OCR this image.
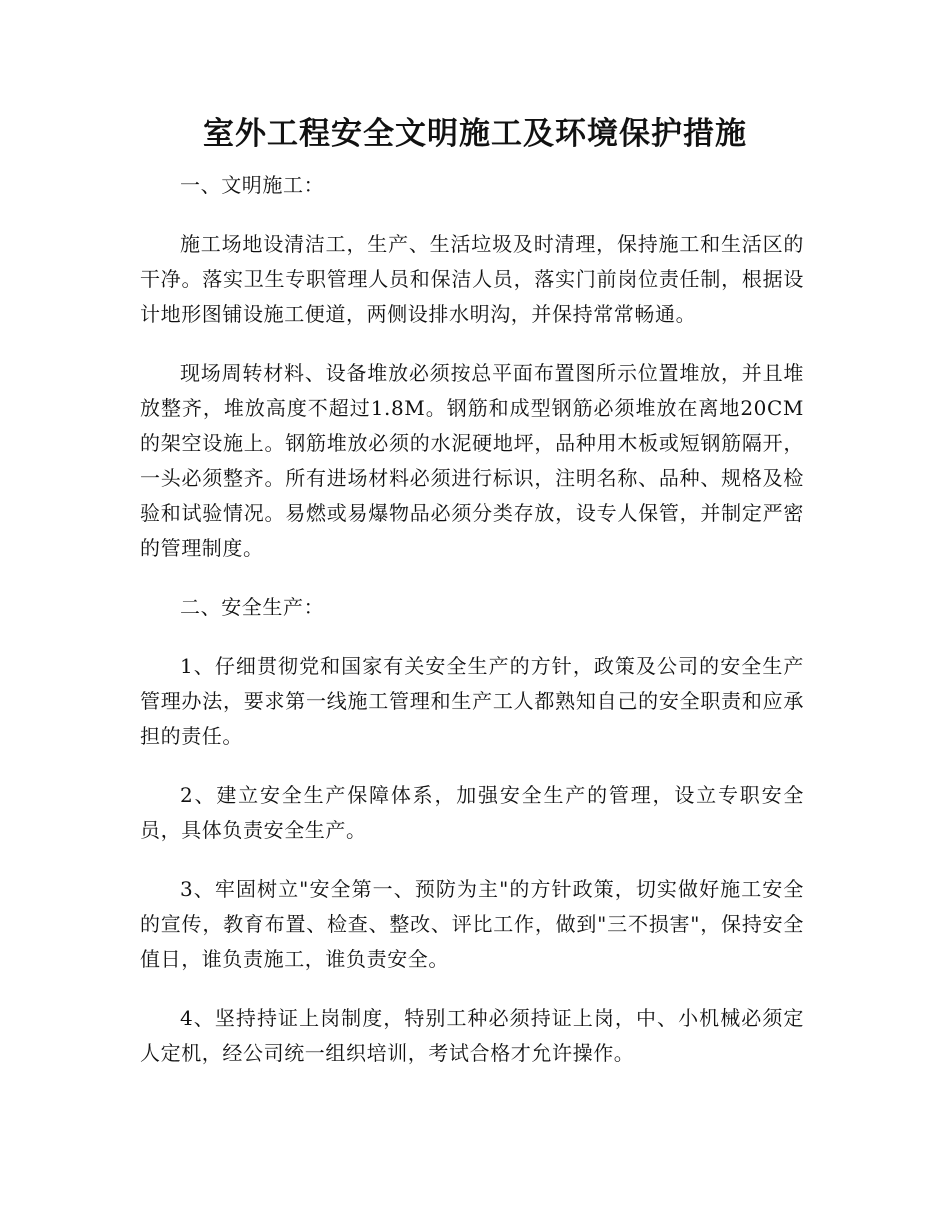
室外工程安全文明施工及环境保护措施

一、文明施工：

施工场地设清洁工，生产、生活垃圾及时清理，保持施工和生活区的干净。落实卫生专职管理人员和保洁人员，落实门前岗位责任制，根据设计地形图铺设施工便道，两侧设排水明沟，并保持常常畅通。

现场周转材料、设备堆放必须按总平面布置图所示位置堆放，并且堆放整齐，堆放高度不超过1.8M。钢筋和成型钢筋必须堆放在离地20CM的架空设施上。钢筋堆放必须的水泥硬地坪，品种用木板或短钢筋隔开，一头必须整齐。所有进场材料必须进行标识，注明名称、品种、规格及检验和试验情况。易燃或易爆物品必须分类存放，设专人保管，并制定严密的管理制度。

二、安全生产：

1、仔细贯彻党和国家有关安全生产的方针，政策及公司的安全生产管理办法，要求第一线施工管理和生产工人都熟知自己的安全职责和应承担的责任。

2、建立安全生产保障体系，加强安全生产的管理，设立专职安全员，具体负责安全生产。

3、牢固树立"安全第一、预防为主"的方针政策，切实做好施工安全的宣传，教育布置、检查、整改、评比工作，做到"三不损害"，保持安全值日，谁负责施工，谁负责安全。

4、坚持持证上岗制度，特别工种必须持证上岗，中、小机械必须定人定机，经公司统一组织培训，考试合格才允许操作。
